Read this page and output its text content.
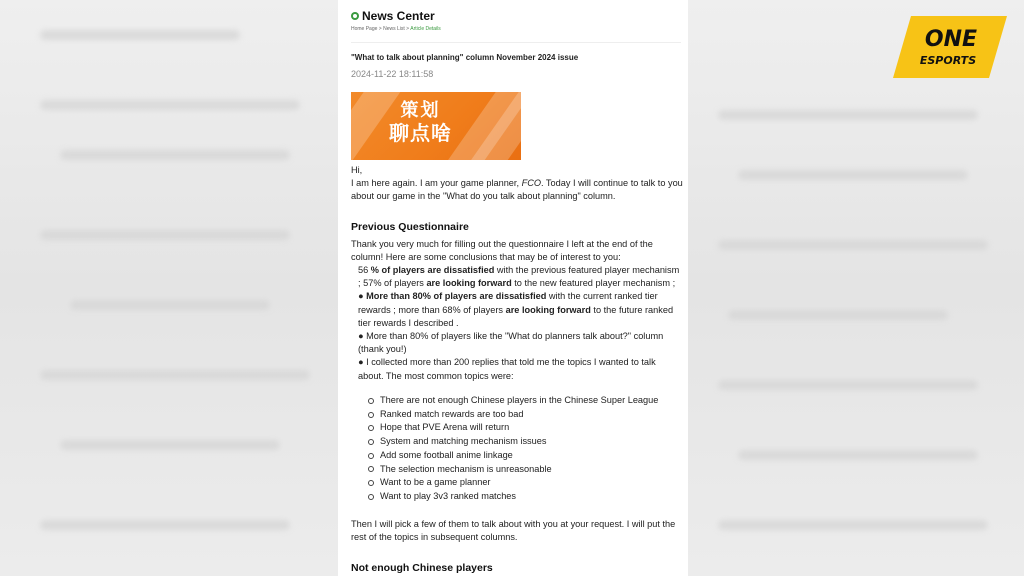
News Center
Home Page > News List > Article Details
"What to talk about planning" column November 2024 issue
2024-11-22 18:11:58
策划
聊点啥
Hi,
I am here again. I am your game planner, FCO. Today I will continue to talk to you about our game in the "What do you talk about planning" column.
Previous Questionnaire
Thank you very much for filling out the questionnaire I left at the end of the column! Here are some conclusions that may be of interest to you:

56 % of players are dissatisfied with the previous featured player mechanism ; 57% of players are looking forward to the new featured player mechanism ;

● More than 80% of players are dissatisfied with the current ranked tier rewards ; more than 68% of players are looking forward to the future ranked tier rewards I described .

● More than 80% of players like the "What do planners talk about?" column (thank you!)

● I collected more than 200 replies that told me the topics I wanted to talk about. The most common topics were:

There are not enough Chinese players in the Chinese Super League
Ranked match rewards are too bad
Hope that PVE Arena will return
System and matching mechanism issues
Add some football anime linkage
The selection mechanism is unreasonable
Want to be a game planner
Want to play 3v3 ranked matches
Then I will pick a few of them to talk about with you at your request. I will put the rest of the topics in subsequent columns.
Not enough Chinese players
ONE
ESPORTS
